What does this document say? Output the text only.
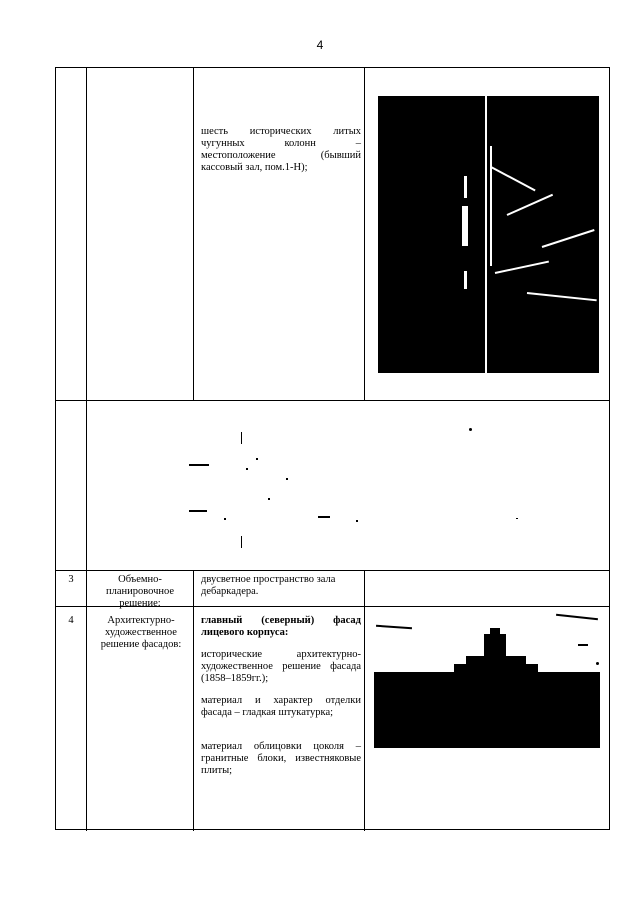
4
шесть исторических литых чугунных колонн – местоположение (бывший кассовый зал, пом.1-Н);
3	Объемно-планировочное решение:
двусветное пространство зала дебаркадера.
4	Архитектурно-художественное решение фасадов:
главный (северный) фасад лицевого корпуса:
исторические архитектурно-художественное решение фасада (1858–1859гг.);
материал и характер отделки фасада – гладкая штукатурка;
материал облицовки цоколя – гранитные блоки, известняковые плиты;
